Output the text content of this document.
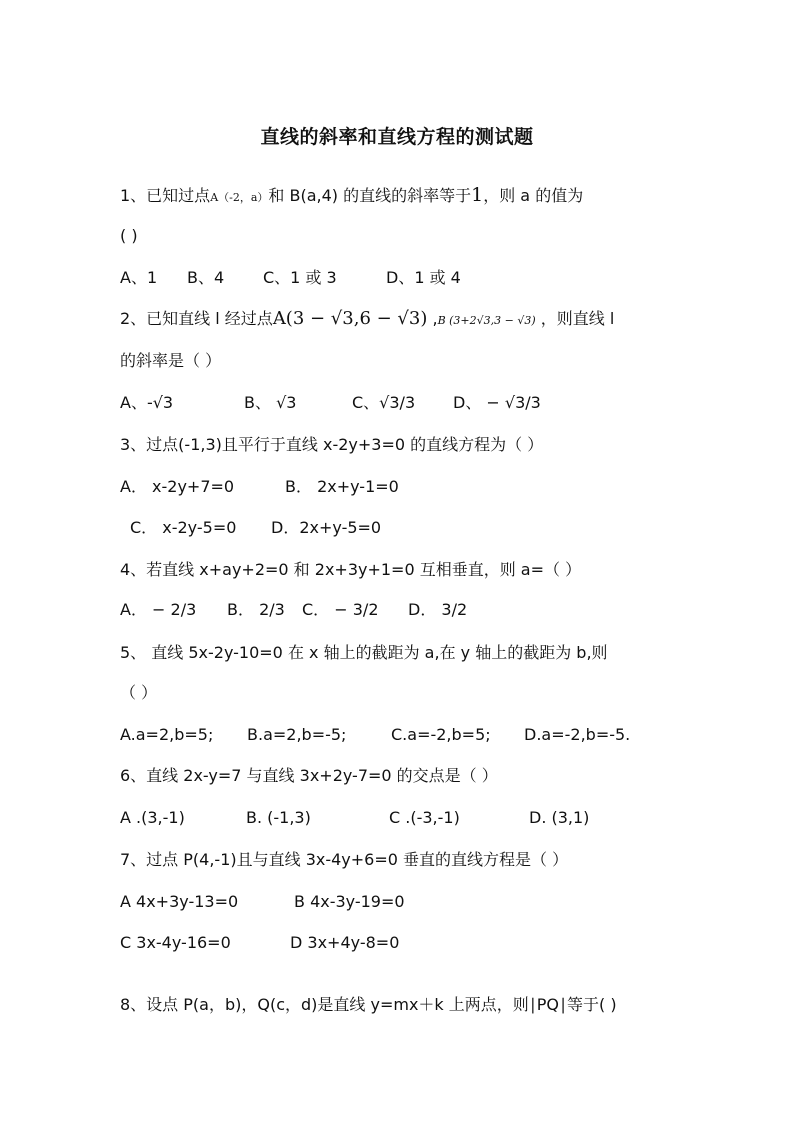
直线的斜率和直线方程的测试题
1、已知过点A（-2，a）和 B(a,4) 的直线的斜率等于1，则 a 的值为
( )
A、1 B、4 C、1 或 3	D、1 或 4
2、已知直线 l 经过点A(3 − √3,6 − √3) ,B (3+2√3,3 − √3) ，则直线 l
的斜率是（ ）
A、-√3	B、 √3	C、√3/3 D、 − √3/3
3、过点(-1,3)且平行于直线 x-2y+3=0 的直线方程为（ ）
A． x-2y+7=0	B． 2x+y-1=0
C． x-2y-5=0 D．2x+y-5=0
4、若直线 x+ay+2=0 和 2x+3y+1=0 互相垂直，则 a=（ ）
A． − 2/3 B． 2/3 C． − 3/2 D． 3/2
5、 直线 5x-2y-10=0 在 x 轴上的截距为 a,在 y 轴上的截距为 b,则
（ ）
A.a=2,b=5; B.a=2,b=-5;	C.a=-2,b=5; D.a=-2,b=-5.
6、直线 2x-y=7 与直线 3x+2y-7=0 的交点是（ ）
A .(3,-1)	B. (-1,3)	C .(-3,-1)	D. (3,1)
7、过点 P(4,-1)且与直线 3x-4y+6=0 垂直的直线方程是（ ）
A 4x+3y-13=0	B 4x-3y-19=0
C 3x-4y-16=0	D 3x+4y-8=0
8、设点 P(a，b)，Q(c，d)是直线 y=mx＋k 上两点，则∣PQ∣等于( )
